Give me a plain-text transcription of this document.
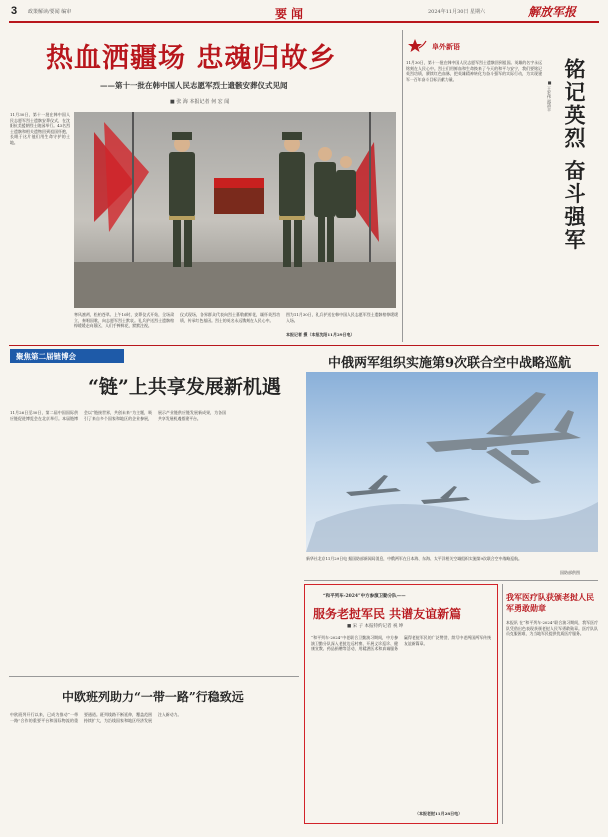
3 政策解读/要闻 编审	要闻	2024年11月30日 星期六	解放军报
热血洒疆场 忠魂归故乡
——第十一批在韩中国人民志愿军烈士遗骸安葬仪式见闻
■ 张 海 本报记者 何 宏 闻
11月30日，第十一批在韩中国人民志愿军烈士遗骸安葬仪式，在沈阳抗美援朝烈士陵园举行。43名烈士遗骸和相关遗物回到祖国怀抱，长眠于这片他们用生命守护的土地。
寒风凛冽，松柏苍翠。上午10时，安葬仪式开始，全场肃立，奏唱国歌，向志愿军烈士默哀。礼兵护送烈士遗骸棺椁缓缓走向墓区，人们手捧鲜花，默默注视。
仪式现场，各界群众代表向烈士墓敬献鲜花，缅怀英烈功绩，传承红色基因。烈士的英名永远镌刻在人民心中。
图为11月30日，礼兵护送在韩中国人民志愿军烈士遗骸棺椁缓缓入场。
本报记者 摄（本报沈阳11月29日电）
阜外新语
11月30日，第十一批在韩中国人民志愿军烈士遗骸回到祖国。英雄的名字永远铭刻在人民心中。烈士们用鲜血和生命换来了今天的和平与安宁，我们要铭记英烈功绩，赓续红色血脉，把英雄精神转化为奋斗强军的实际行动，为实现建军一百年奋斗目标贡献力量。	铭记英烈 奋斗强军
■ 王宏伟 邵清丰
聚焦第二届链博会
“链”上共享发展新机遇
11月26日至30日，第二届中国国际供应链促进博览会在北京举行。本届链博会以“链接世界，共创未来”为主题，吸引了来自多个国家和地区的企业参展，展示产业链供应链发展新成果，为各国共享发展机遇搭建平台。
中俄两军组织实施第9次联合空中战略巡航
新华社北京11月29日电 据国防部新闻局消息，中俄两军在日本海、东海、太平洋相关空域组织实施第9次联合空中战略巡航。
国防部供图
“和平列车-2024”中方参演卫勤分队——
服务老挝军民 共谱友谊新篇
■ 宋 子 本报特约记者 祝 坤
“和平列车-2024”中老联合卫勤演习期间，中方参演卫勤分队深入老挝边远村寨，开展义诊巡诊、健康宣教、药品捐赠等活动，用精湛医术和真诚服务赢得老挝军民的广泛赞誉，续写中老两国两军传统友谊新篇章。
（本报老挝11月28日电）
我军医疗队获颁老挝人民军勇敢勋章
本报讯 在“和平列车-2024”联合演习期间，我军医疗队凭借出色表现获颁老挝人民军勇敢勋章。医疗队队员克服困难，为当地军民提供优质医疗服务。
中欧班列助力“一带一路”行稳致远
中欧班列开行以来，已成为推动“一带一路”合作的重要平台和国际物流的重要通道。班列线路不断延伸，覆盖范围持续扩大，为沿线国家和地区经济发展注入新动力。
